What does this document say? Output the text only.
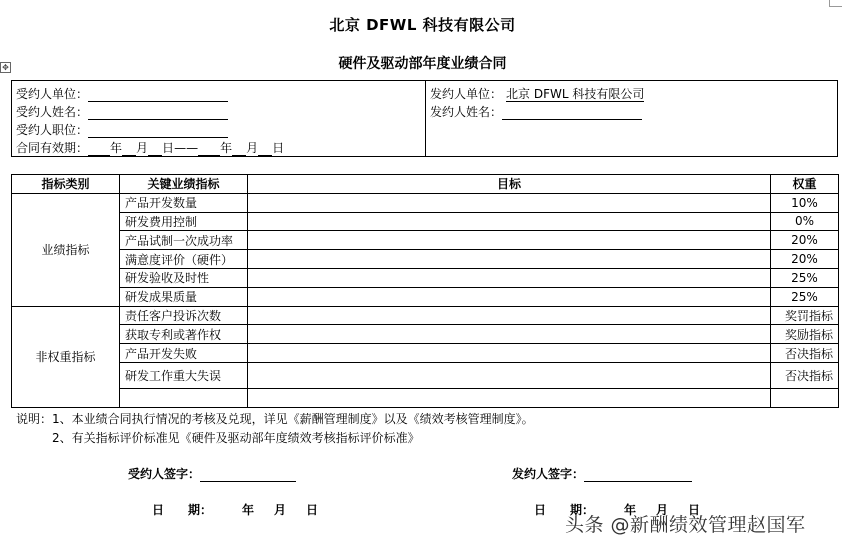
✥
北京 DFWL 科技有限公司
硬件及驱动部年度业绩合同
受约人单位：
受约人姓名：
受约人职位：
合同有效期： 年 月 日—— 年 月 日
发约人单位： 北京 DFWL 科技有限公司
发约人姓名：
指标类别	关键业绩指标	目标	权重
业绩指标	产品开发数量		10%
	研发费用控制		0%
	产品试制一次成功率		20%
	满意度评价（硬件）		20%
	研发验收及时性		25%
	研发成果质量		25%
非权重指标	责任客户投诉次数		奖罚指标
	获取专利或著作权		奖励指标
	产品开发失败		否决指标
	研发工作重大失误		否决指标

说明：1、本业绩合同执行情况的考核及兑现，详见《薪酬管理制度》以及《绩效考核管理制度》。
2、有关指标评价标准见《硬件及驱动部年度绩效考核指标评价标准》
受约人签字：	发约人签字：
日　　期：	年 月 日	日　　期：	年 月 日
头条 @新酬绩效管理赵国军
